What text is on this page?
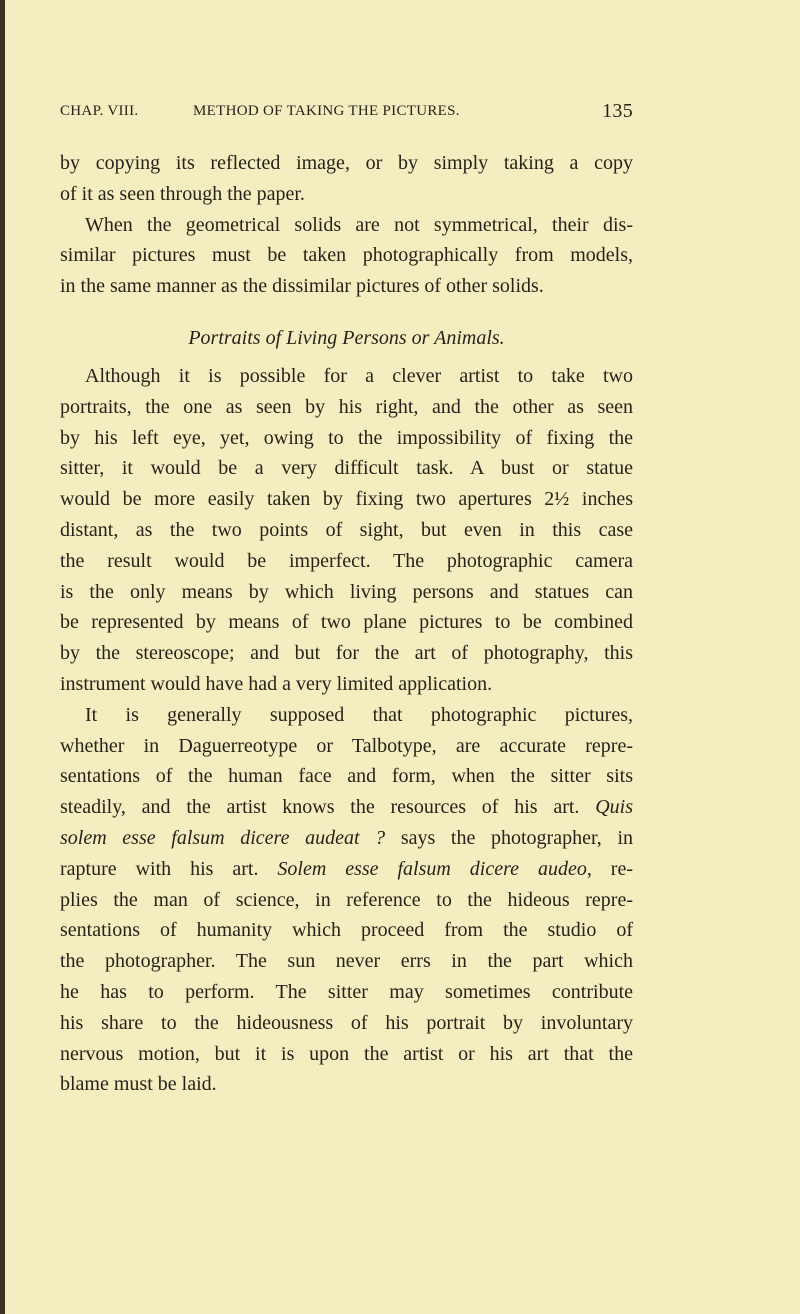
CHAP. VIII.	METHOD OF TAKING THE PICTURES.	135
by copying its reflected image, or by simply taking a copy
of it as seen through the paper.
When the geometrical solids are not symmetrical, their dis-
similar pictures must be taken photographically from models,
in the same manner as the dissimilar pictures of other solids.
Portraits of Living Persons or Animals.
Although it is possible for a clever artist to take two
portraits, the one as seen by his right, and the other as seen
by his left eye, yet, owing to the impossibility of fixing the
sitter, it would be a very difficult task. A bust or statue
would be more easily taken by fixing two apertures 2½ inches
distant, as the two points of sight, but even in this case
the result would be imperfect. The photographic camera
is the only means by which living persons and statues can
be represented by means of two plane pictures to be combined
by the stereoscope; and but for the art of photography, this
instrument would have had a very limited application.
It is generally supposed that photographic pictures,
whether in Daguerreotype or Talbotype, are accurate repre-
sentations of the human face and form, when the sitter sits
steadily, and the artist knows the resources of his art. Quis
solem esse falsum dicere audeat ? says the photographer, in
rapture with his art. Solem esse falsum dicere audeo, re-
plies the man of science, in reference to the hideous repre-
sentations of humanity which proceed from the studio of
the photographer. The sun never errs in the part which
he has to perform. The sitter may sometimes contribute
his share to the hideousness of his portrait by involuntary
nervous motion, but it is upon the artist or his art that the
blame must be laid.
